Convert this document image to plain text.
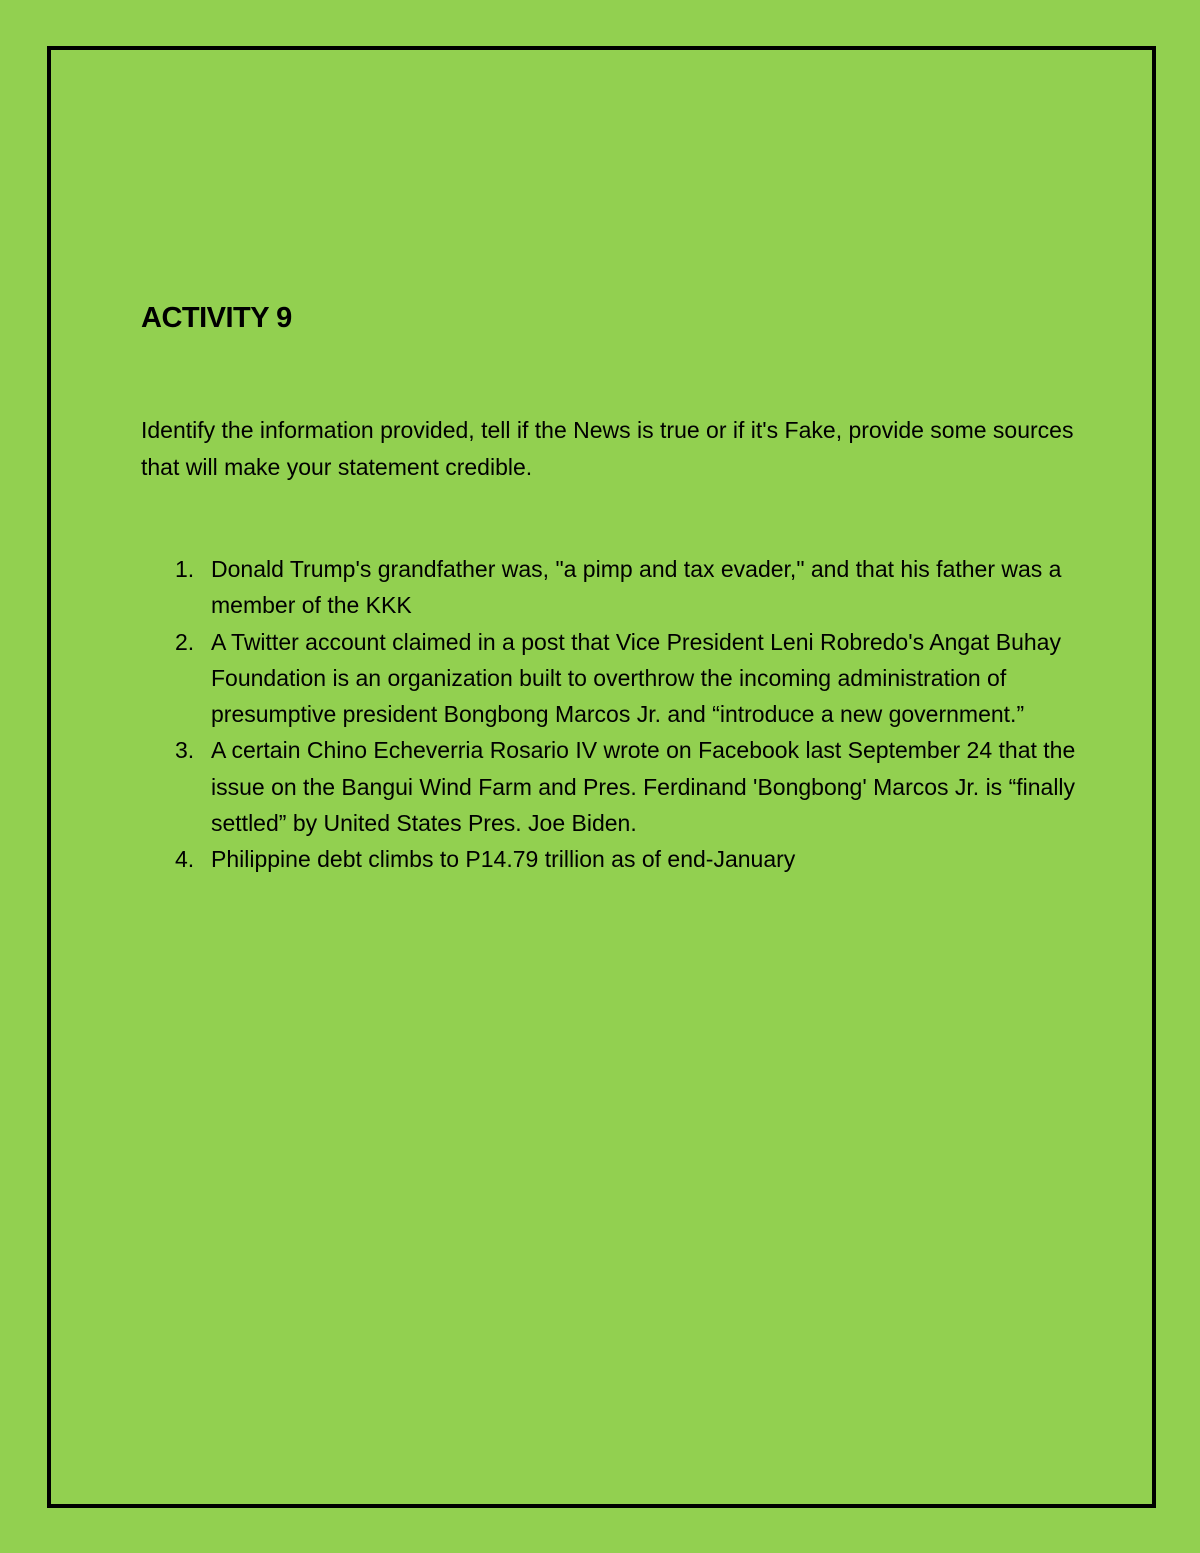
ACTIVITY 9

Identify the information provided, tell if the News is true or if it's Fake, provide some sources that will make your statement credible.

1. Donald Trump's grandfather was, "a pimp and tax evader," and that his father was a member of the KKK
2. A Twitter account claimed in a post that Vice President Leni Robredo's Angat Buhay Foundation is an organization built to overthrow the incoming administration of presumptive president Bongbong Marcos Jr. and “introduce a new government.”
3. A certain Chino Echeverria Rosario IV wrote on Facebook last September 24 that the issue on the Bangui Wind Farm and Pres. Ferdinand 'Bongbong' Marcos Jr. is “finally settled” by United States Pres. Joe Biden.
4. Philippine debt climbs to P14.79 trillion as of end-January
